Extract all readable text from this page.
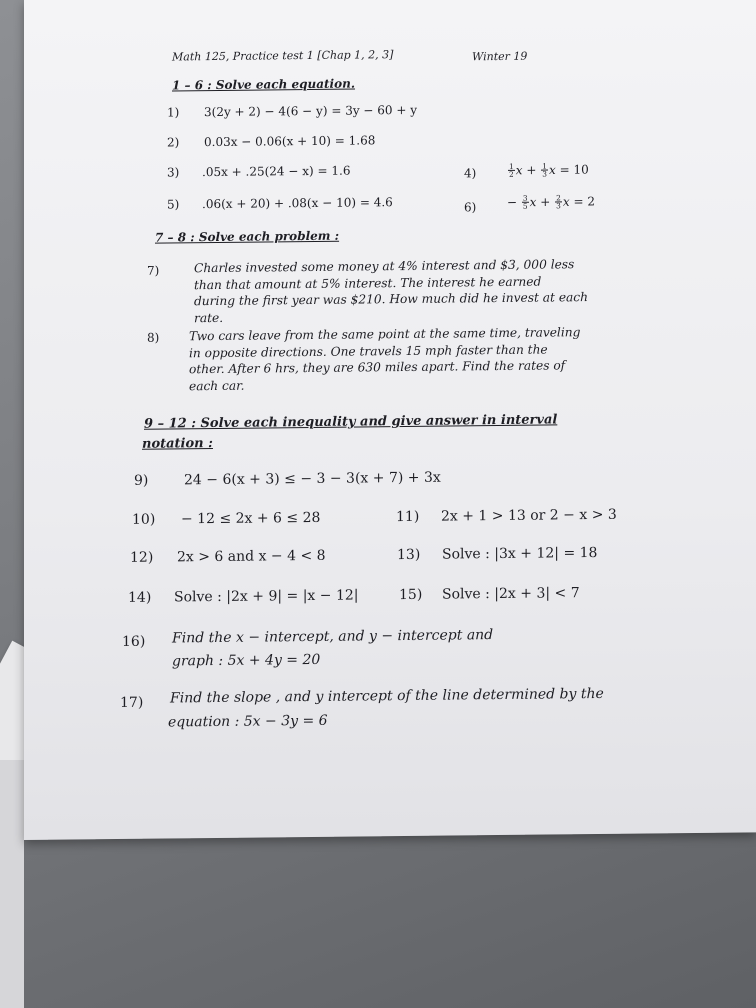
Math 125, Practice test 1 [Chap 1, 2, 3]	Winter 19
1 – 6 : Solve each equation.
1) 3(2y + 2) − 4(6 − y) = 3y − 60 + y
2) 0.03x − 0.06(x + 10) = 1.68
3) .05x + .25(24 − x) = 1.6	4)	$\frac{1}{2}$ $x + \frac{1}{3}$ x = 10
5) .06(x + 20) + .08(x − 10) = 4.6	6)	− $\frac{3}{5}$ $x + \frac{2}{3}$ x = 2
7 – 8 : Solve each problem :
7)	Charles invested some money at 4% interest and $3, 000 less
than that amount at 5% interest. The interest he earned
during the first year was $210. How much did he invest at each
rate.
8) Two cars leave from the same point at the same time, traveling
in opposite directions. One travels 15 mph faster than the
other. After 6 hrs, they are 630 miles apart. Find the rates of
each car.
9 – 12 : Solve each inequality and give answer in interval
notation :
9)	24 − 6(x + 3) ≤ − 3 − 3(x + 7) + 3x
10) − 12 ≤ 2x + 6 ≤ 28	11) 2x + 1 > 13 or 2 − x > 3
12) 2x > 6 and x − 4 < 8	13) Solve : |3x + 12| = 18
14) Solve : |2x + 9| = |x − 12|	15) Solve : |2x + 3| < 7
16) Find the x − intercept, and y − intercept and
graph : 5x + 4y = 20
17) Find the slope , and y intercept of the line determined by the
equation : 5x − 3y = 6
